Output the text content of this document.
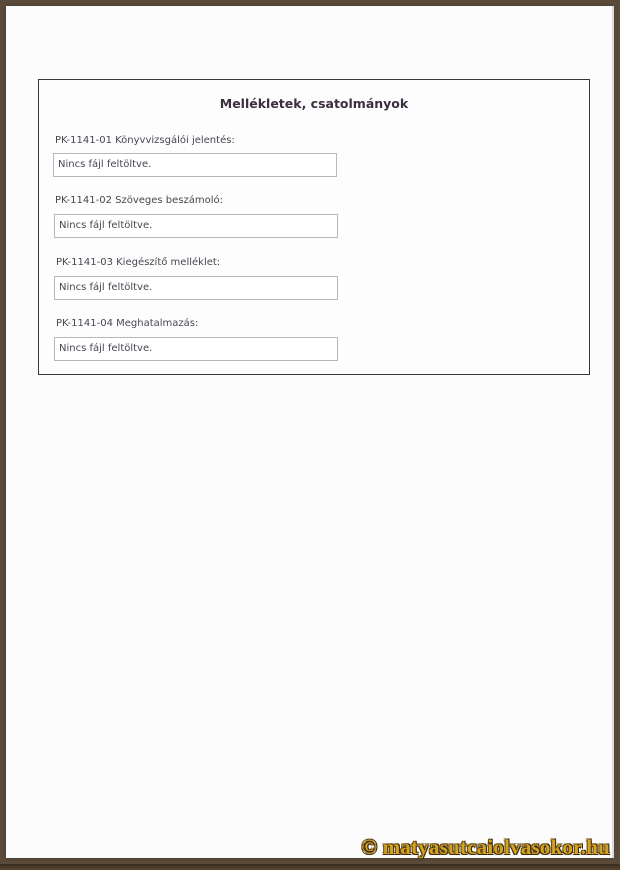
Mellékletek, csatolmányok
PK-1141-01 Könyvvizsgálói jelentés:
Nincs fájl feltöltve.
PK-1141-02 Szöveges beszámoló:
Nincs fájl feltöltve.
PK-1141-03 Kiegészítő melléklet:
Nincs fájl feltöltve.
PK-1141-04 Meghatalmazás:
Nincs fájl feltöltve.
© matyasutcaiolvasokor.hu
